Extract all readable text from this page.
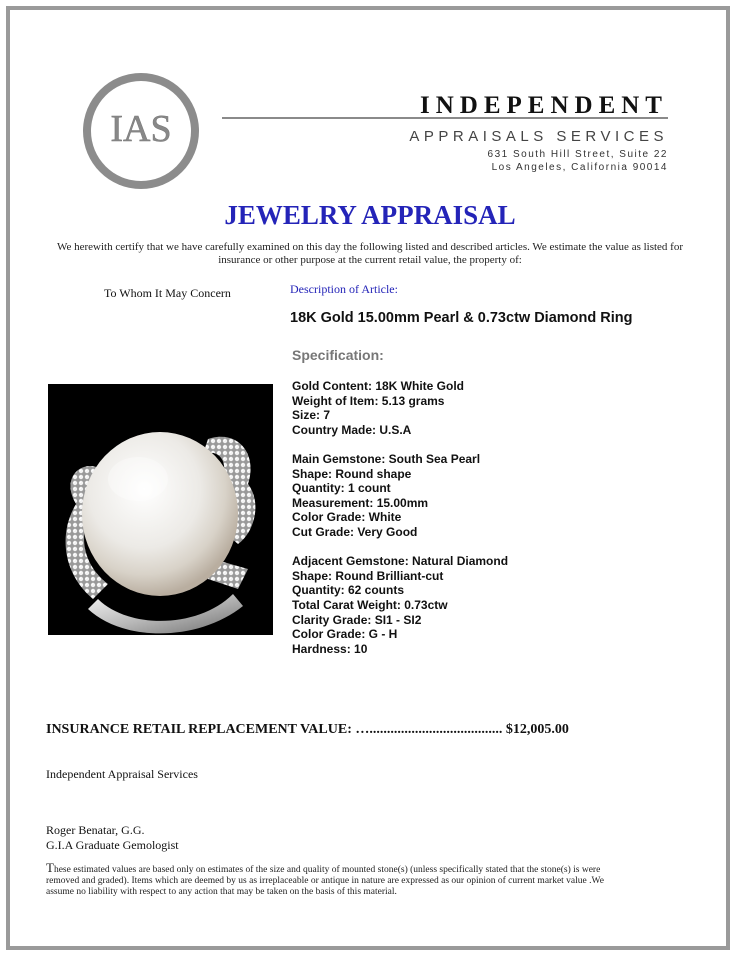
IAS
Appraisal
INDEPENDENT
APPRAISALS SERVICES
631 South Hill Street, Suite 22
Los Angeles, California 90014
JEWELRY APPRAISAL
We herewith certify that we have carefully examined on this day the following listed and described articles. We estimate the value as listed for insurance or other purpose at the current retail value, the property of:
To Whom It May Concern	Description of Article:
18K Gold 15.00mm Pearl & 0.73ctw Diamond Ring
Specification:
Gold Content: 18K White Gold
Weight of Item: 5.13 grams
Size: 7
Country Made: U.S.A
Main Gemstone: South Sea Pearl
Shape: Round shape
Quantity: 1 count
Measurement: 15.00mm
Color Grade: White
Cut Grade: Very Good
Adjacent Gemstone: Natural Diamond
Shape: Round Brilliant-cut
Quantity: 62 counts
Total Carat Weight: 0.73ctw
Clarity Grade: SI1 - SI2
Color Grade: G - H
Hardness: 10
INSURANCE RETAIL REPLACEMENT VALUE: …...................................... $12,005.00
Independent Appraisal Services
Roger Benatar, G.G.
G.I.A Graduate Gemologist
These estimated values are based only on estimates of the size and quality of mounted stone(s) (unless specifically stated that the stone(s) is were removed and graded). Items which are deemed by us as irreplaceable or antique in nature are expressed as our opinion of current market value .We assume no liability with respect to any action that may be taken on the basis of this material.
